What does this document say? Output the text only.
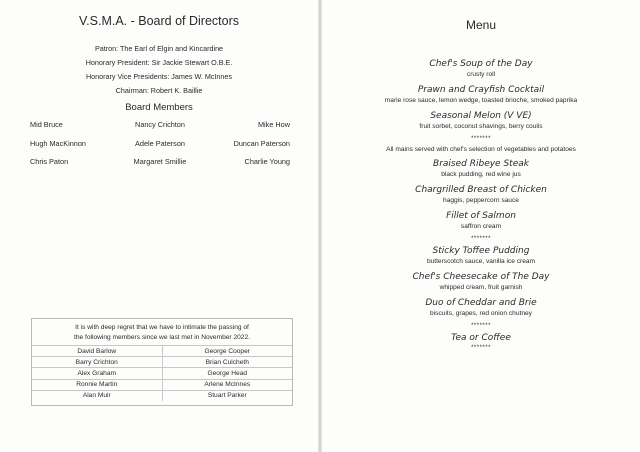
V.S.M.A. - Board of Directors
Patron: The Earl of Elgin and Kincardine
Honorary President: Sir Jackie Stewart O.B.E.
Honorary Vice Presidents: James W. McInnes
Chairman: Robert K. Baillie
Board Members
Mid Bruce	Nancy Crichton	Mike How
Hugh MacKinnon	Adele Paterson	Duncan Paterson
Chris Paton	Margaret Smillie	Charlie Young
It is with deep regret that we have to intimate the passing of
the following members since we last met in November 2022.
David Barlow	George Cooper
Barry Crichton	Brian Culcheth
Alex Graham	George Head
Ronnie Martin	Arlene McInnes
Alan Muir	Stuart Parker
Menu
Chef's Soup of the Day
crusty roll
Prawn and Crayfish Cocktail
marie rose sauce, lemon wedge, toasted brioche, smoked paprika
Seasonal Melon (V VE)
fruit sorbet, coconut shavings, berry coulis
*******
All mains served with chef's selection of vegetables and potatoes
Braised Ribeye Steak
black pudding, red wine jus
Chargrilled Breast of Chicken
haggis, peppercorn sauce
Fillet of Salmon
saffron cream
*******
Sticky Toffee Pudding
butterscotch sauce, vanilla ice cream
Chef's Cheesecake of The Day
whipped cream, fruit garnish
Duo of Cheddar and Brie
biscuits, grapes, red onion chutney
*******
Tea or Coffee
*******
